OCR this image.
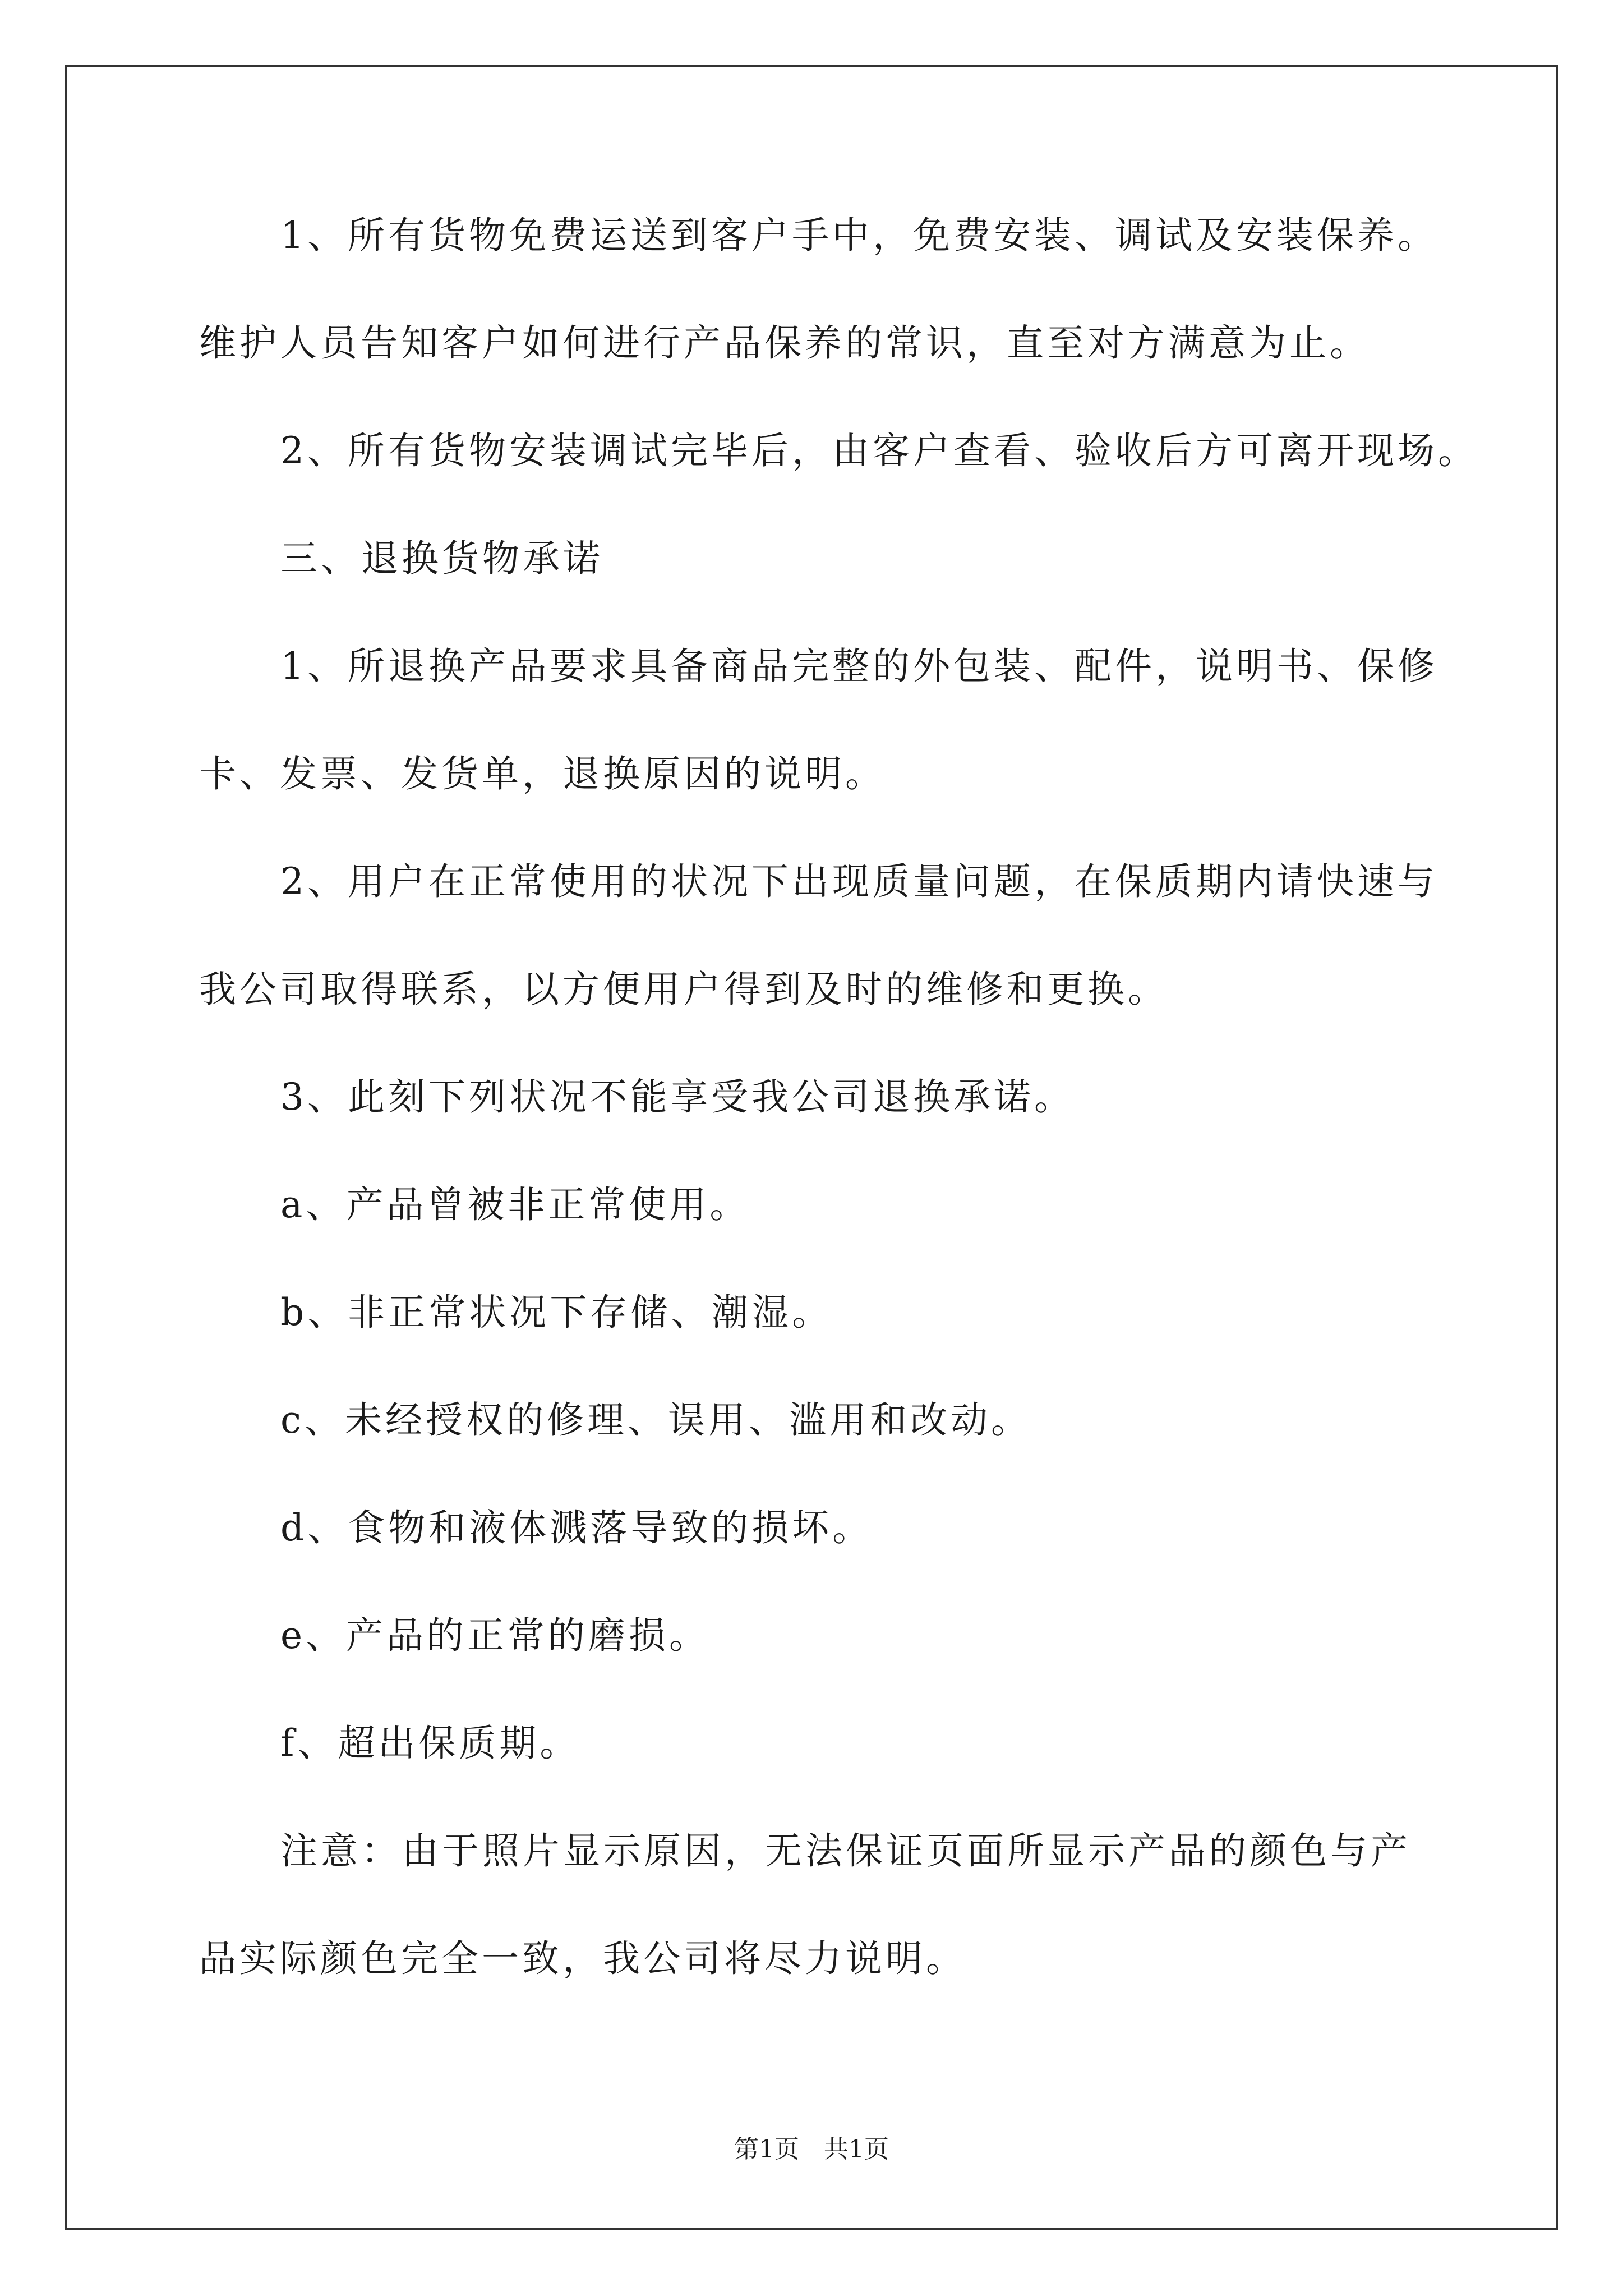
1、所有货物免费运送到客户手中，免费安装、调试及安装保养。
维护人员告知客户如何进行产品保养的常识，直至对方满意为止。
2、所有货物安装调试完毕后，由客户查看、验收后方可离开现场。
三、退换货物承诺
1、所退换产品要求具备商品完整的外包装、配件，说明书、保修
卡、发票、发货单，退换原因的说明。
2、用户在正常使用的状况下出现质量问题，在保质期内请快速与
我公司取得联系，以方便用户得到及时的维修和更换。
3、此刻下列状况不能享受我公司退换承诺。
a、产品曾被非正常使用。
b、非正常状况下存储、潮湿。
c、未经授权的修理、误用、滥用和改动。
d、食物和液体溅落导致的损坏。
e、产品的正常的磨损。
f、超出保质期。
注意：由于照片显示原因，无法保证页面所显示产品的颜色与产
品实际颜色完全一致，我公司将尽力说明。
第1页　共1页
